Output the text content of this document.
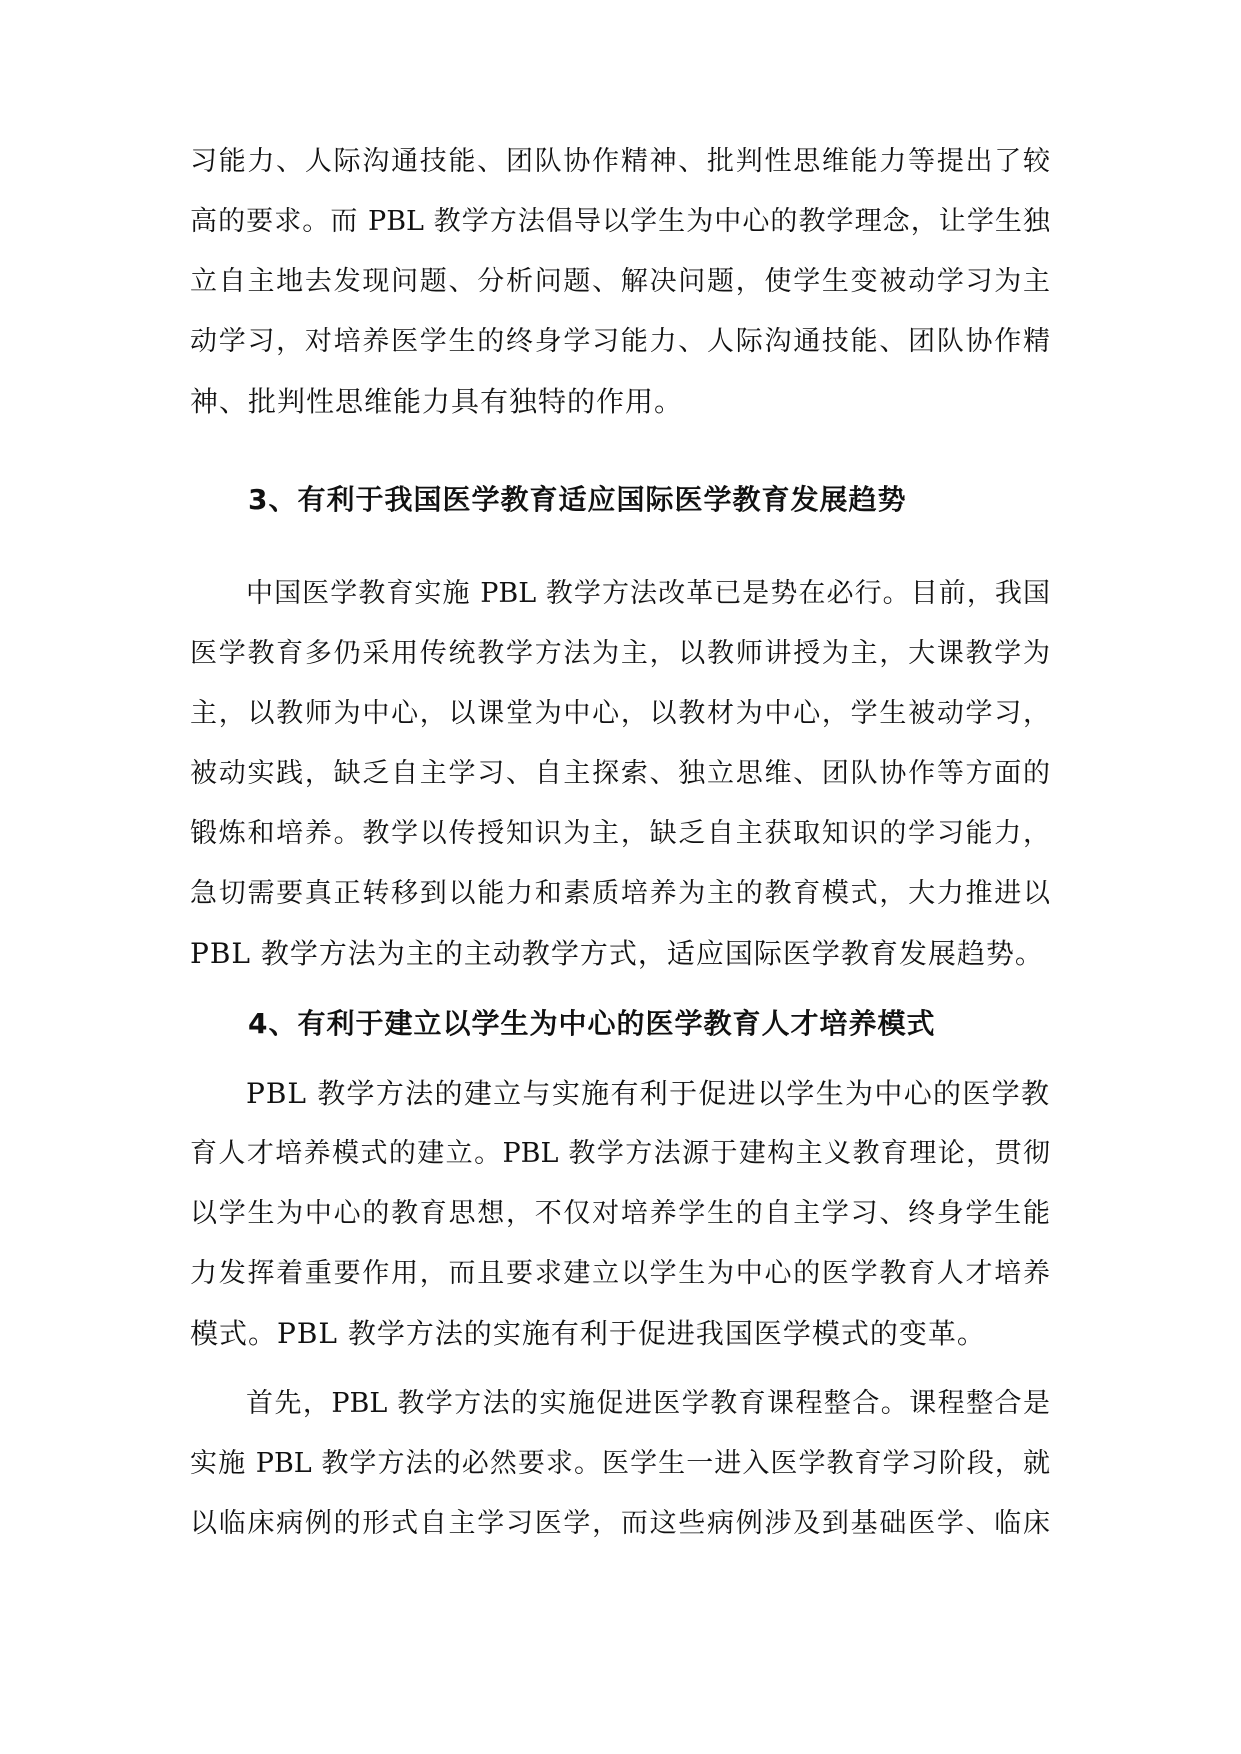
习能力、人际沟通技能、团队协作精神、批判性思维能力等提出了较
高的要求。而 PBL 教学方法倡导以学生为中心的教学理念，让学生独
立自主地去发现问题、分析问题、解决问题，使学生变被动学习为主
动学习，对培养医学生的终身学习能力、人际沟通技能、团队协作精
神、批判性思维能力具有独特的作用。
3、有利于我国医学教育适应国际医学教育发展趋势
中国医学教育实施 PBL 教学方法改革已是势在必行。目前，我国
医学教育多仍采用传统教学方法为主，以教师讲授为主，大课教学为
主，以教师为中心，以课堂为中心，以教材为中心，学生被动学习，
被动实践，缺乏自主学习、自主探索、独立思维、团队协作等方面的
锻炼和培养。教学以传授知识为主，缺乏自主获取知识的学习能力，
急切需要真正转移到以能力和素质培养为主的教育模式，大力推进以
PBL 教学方法为主的主动教学方式，适应国际医学教育发展趋势。
4、有利于建立以学生为中心的医学教育人才培养模式
PBL 教学方法的建立与实施有利于促进以学生为中心的医学教
育人才培养模式的建立。PBL 教学方法源于建构主义教育理论，贯彻
以学生为中心的教育思想，不仅对培养学生的自主学习、终身学生能
力发挥着重要作用，而且要求建立以学生为中心的医学教育人才培养
模式。PBL 教学方法的实施有利于促进我国医学模式的变革。
首先，PBL 教学方法的实施促进医学教育课程整合。课程整合是
实施 PBL 教学方法的必然要求。医学生一进入医学教育学习阶段，就
以临床病例的形式自主学习医学，而这些病例涉及到基础医学、临床
